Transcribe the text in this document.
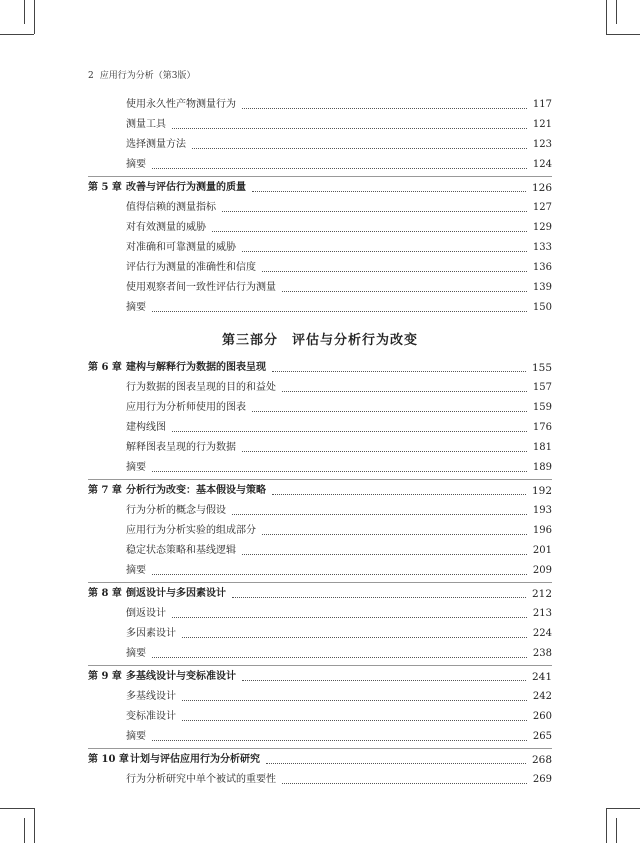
2 应用行为分析（第3版）
使用永久性产物测量行为	117
测量工具	121
选择测量方法	123
摘要	124
第 5 章 改善与评估行为测量的质量	126
值得信赖的测量指标	127
对有效测量的威胁	129
对准确和可靠测量的威胁	133
评估行为测量的准确性和信度	136
使用观察者间一致性评估行为测量	139
摘要	150
第三部分 评估与分析行为改变
第 6 章 建构与解释行为数据的图表呈现	155
行为数据的图表呈现的目的和益处	157
应用行为分析师使用的图表	159
建构线图	176
解释图表呈现的行为数据	181
摘要	189
第 7 章 分析行为改变：基本假设与策略	192
行为分析的概念与假设	193
应用行为分析实验的组成部分	196
稳定状态策略和基线逻辑	201
摘要	209
第 8 章 倒返设计与多因素设计	212
倒返设计	213
多因素设计	224
摘要	238
第 9 章 多基线设计与变标准设计	241
多基线设计	242
变标准设计	260
摘要	265
第 10 章 计划与评估应用行为分析研究	268
行为分析研究中单个被试的重要性	269
